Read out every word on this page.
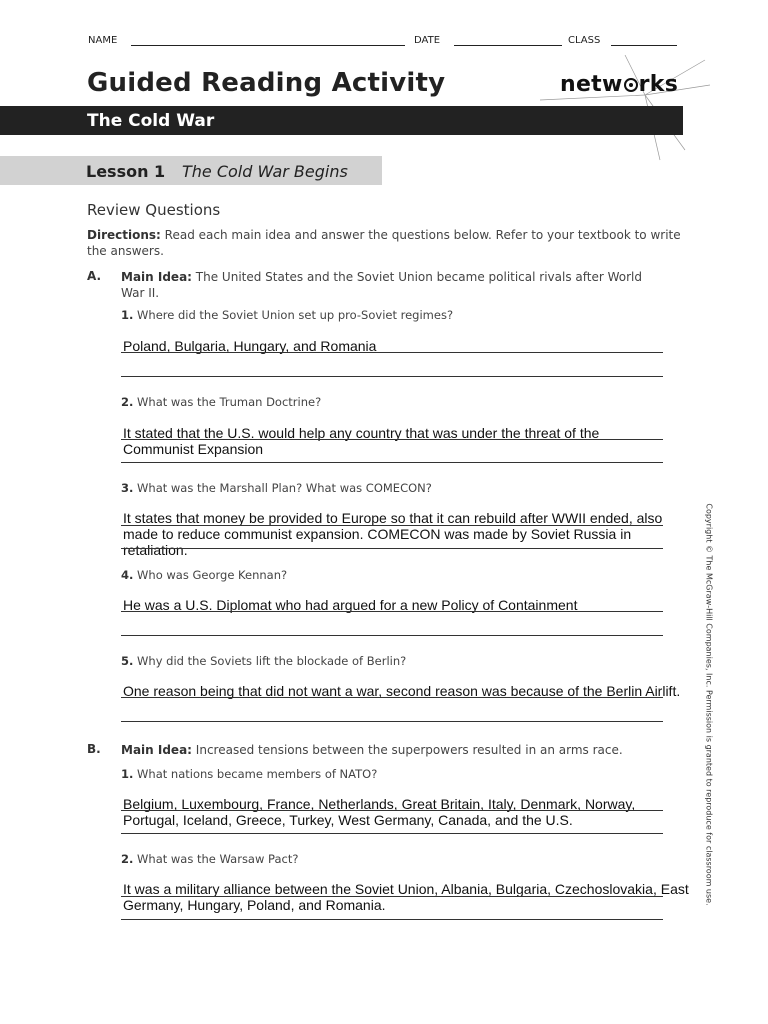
NAME	DATE	CLASS
Guided Reading Activity	netw rks
The Cold War
Lesson 1 The Cold War Begins
Review Questions
Directions: Read each main idea and answer the questions below. Refer to your textbook to write the answers.
A. Main Idea: The United States and the Soviet Union became political rivals after World War II.
1. Where did the Soviet Union set up pro-Soviet regimes?
Poland, Bulgaria, Hungary, and Romania
2. What was the Truman Doctrine?
It stated that the U.S. would help any country that was under the threat of the Communist Expansion
3. What was the Marshall Plan? What was COMECON?
It states that money be provided to Europe so that it can rebuild after WWII ended, also made to reduce communist expansion. COMECON was made by Soviet Russia in retaliation.
4. Who was George Kennan?
He was a U.S. Diplomat who had argued for a new Policy of Containment
5. Why did the Soviets lift the blockade of Berlin?
One reason being that did not want a war, second reason was because of the Berlin Airlift.
B. Main Idea: Increased tensions between the superpowers resulted in an arms race.
1. What nations became members of NATO?
Belgium, Luxembourg, France, Netherlands, Great Britain, Italy, Denmark, Norway, Portugal, Iceland, Greece, Turkey, West Germany, Canada, and the U.S.
2. What was the Warsaw Pact?
It was a military alliance between the Soviet Union, Albania, Bulgaria, Czechoslovakia, East Germany, Hungary, Poland, and Romania.	Copyright © The McGraw-Hill Companies, Inc. Permission is granted to reproduce for classroom use.
